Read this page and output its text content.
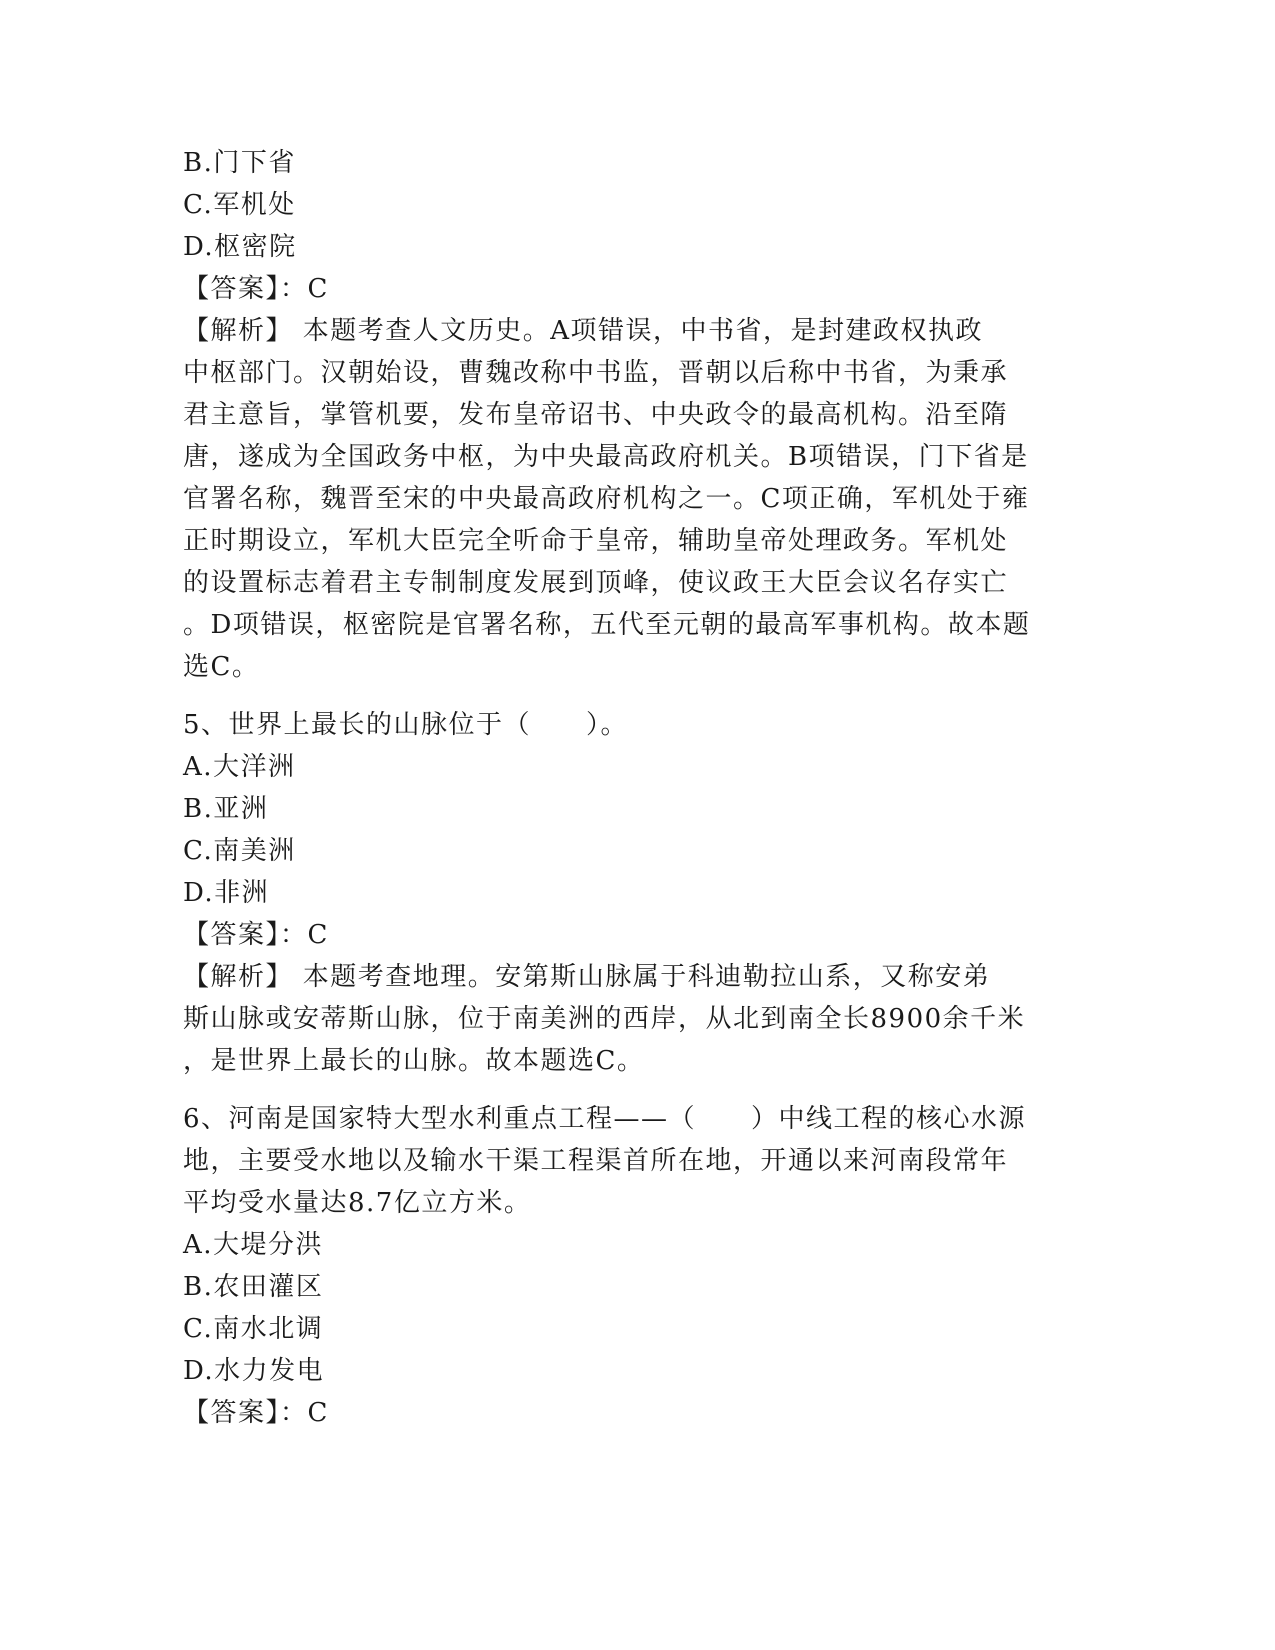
B.门下省
C.军机处
D.枢密院
【答案】：C
【解析】 本题考查人文历史。A项错误，中书省，是封建政权执政
中枢部门。汉朝始设，曹魏改称中书监，晋朝以后称中书省，为秉承
君主意旨，掌管机要，发布皇帝诏书、中央政令的最高机构。沿至隋
唐，遂成为全国政务中枢，为中央最高政府机关。B项错误，门下省是
官署名称，魏晋至宋的中央最高政府机构之一。C项正确，军机处于雍
正时期设立，军机大臣完全听命于皇帝，辅助皇帝处理政务。军机处
的设置标志着君主专制制度发展到顶峰，使议政王大臣会议名存实亡
。D项错误，枢密院是官署名称，五代至元朝的最高军事机构。故本题
选C。
5、世界上最长的山脉位于（　　）。
A.大洋洲
B.亚洲
C.南美洲
D.非洲
【答案】：C
【解析】 本题考查地理。安第斯山脉属于科迪勒拉山系，又称安弟
斯山脉或安蒂斯山脉，位于南美洲的西岸，从北到南全长8900余千米
，是世界上最长的山脉。故本题选C。
6、河南是国家特大型水利重点工程——（　　）中线工程的核心水源
地，主要受水地以及输水干渠工程渠首所在地，开通以来河南段常年
平均受水量达8.7亿立方米。
A.大堤分洪
B.农田灌区
C.南水北调
D.水力发电
【答案】：C
